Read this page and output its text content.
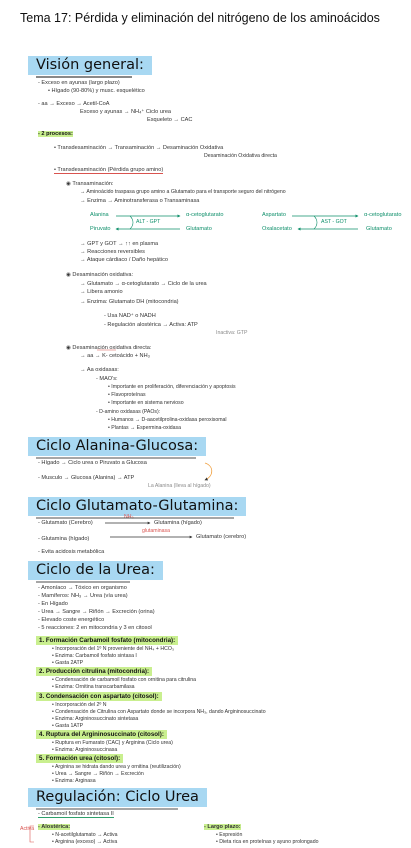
Tema 17: Pérdida y eliminación del nitrógeno de los aminoácidos
Visión general:
- Exceso en ayunas (largo plazo)
• Hígado (90-80%) y musc. esquelético
- aa → Exceso → Acetil-CoA
Exceso y ayunas → NH₄⁺ Ciclo urea
Esqueleto → CAC
- 2 procesos:
• Transdesaminación → Transaminación → Desaminación Oxidativa
Desaminación Oxidativa directa
• Transdesaminación (Pérdida grupo amino)
◉ Transaminación:
→ Aminoácido traspasa grupo amino a Glutamato para el transporte seguro del nitrógeno
→ Enzima → Aminotransferasa o Transaminasa
Alanina
ALT - GPT
α-cetoglutarato
Piruvato	Glutamato
Aspartato
AST - GOT
α-cetoglutarato
Oxalacetato	Glutamato
→ GPT y GOT → ↑↑ en plasma
→ Reacciones reversibles
→ Ataque cárdiaco / Daño hepático
◉ Desaminación oxidativa:
→ Glutamato → α-cetoglutarato → Ciclo de la urea
→ Libera amonio
→ Enzima: Glutamato DH (mitocondria)
- Usa NAD⁺ o NADH
- Regulación alostérica → Activa: ATP
Inactiva: GTP
◉ Desaminación oxidativa directa:
→ aa → K- cetoácido + NH₃
→ Aa oxidasas:
- MAO's:
• Importante en proliferación, diferenciación y apoptosis
• Flavoproteínas
• Importante en sistema nervioso
- D-amino oxidasas (PAOs):
• Humanos → D-aacetilprolina-oxidasa peroxisomal
• Plantas → Espermina-oxidasa
Ciclo Alanina-Glucosa:
- Hígado → Ciclo urea o Piruvato a Glucosa
- Musculo → Glucosa (Alanina) → ATP
La Alanina (lleva al hígado)
Ciclo Glutamato-Glutamina:
- Glutamato (Cerebro)
NH₃
Glutamina (hígado)
- Glutamina (hígado)
glutaminasa
Glutamato (cerebro)
- Evita acidosis metabólica
Ciclo de la Urea:
- Amoníaco → Tóxico en organismo
- Mamíferos: NH₃ → Urea (vía urea)
- En Hígado
- Urea → Sangre → Riñón → Excreción (orina)
- Elevado coste energético
- 5 reacciones: 2 en mitocondria y 3 en citosol
1. Formación Carbamoil fosfato (mitocondria):
• Incorporación del 1º N proveniente del NH₄ + HCO₃
• Enzima: Carbamoil fosfato sintasa I
• Gasta 2ATP
2. Producción citrulina (mitocondria):
• Condensación de carbamoil fosfato con ornitina para citrulina
• Enzima: Ornitina transcarbamilasa
3. Condensación con aspartato (citosol):
• Incorporación del 2º N
• Condensación de Citrulina con Aspartato donde se incorpora NH₃, dando Argininosuccinato
• Enzima: Argininosuccinato sintetasa
• Gasta 1ATP
4. Ruptura del Argininosuccinato (citosol):
• Ruptura en Fumarato (CAC) y Arginina (Ciclo urea)
• Enzima: Argininosuccinasa
5. Formación urea (citosol):
• Arginina se hidrata dando urea y ornitina (reutilización)
• Urea → Sangre → Riñón → Excreción
• Enzima: Arginasa
Regulación: Ciclo Urea
- Carbamoil fosfato sintetasa II
Activa - Alostérica:
• N-acetilglutamato → Activa
• Arginina (exceso) → Activa
- Largo plazo:
• Expresión
• Dieta rica en proteínas y ayuno prolongado
